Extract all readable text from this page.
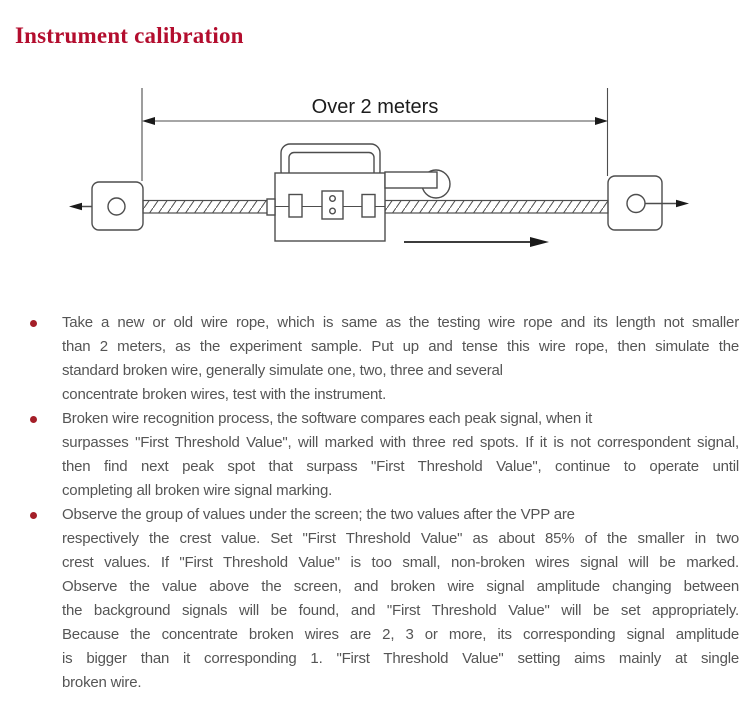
Instrument calibration
Over 2 meters
Take a new or old wire rope, which is same as the testing wire rope and its length not smaller
than 2 meters, as the experiment sample. Put up and tense this wire rope, then simulate the
standard broken wire, generally simulate one, two, three and several
concentrate broken wires, test with the instrument.
Broken wire recognition process, the software compares each peak signal, when it
surpasses "First Threshold Value", will marked with three red spots. If it is not correspondent signal,
then find next peak spot that surpass "First Threshold Value", continue to operate until
completing all broken wire signal marking.
Observe the group of values under the screen; the two values after the VPP are
respectively the crest value. Set "First Threshold Value" as about 85% of the smaller in two
crest values. If "First Threshold Value" is too small, non-broken wires signal will be marked.
Observe the value above the screen, and broken wire signal amplitude changing between
the background signals will be found, and "First Threshold Value" will be set appropriately.
Because the concentrate broken wires are 2, 3 or more, its corresponding signal amplitude
is bigger than it corresponding 1. "First Threshold Value" setting aims mainly at single
broken wire.
